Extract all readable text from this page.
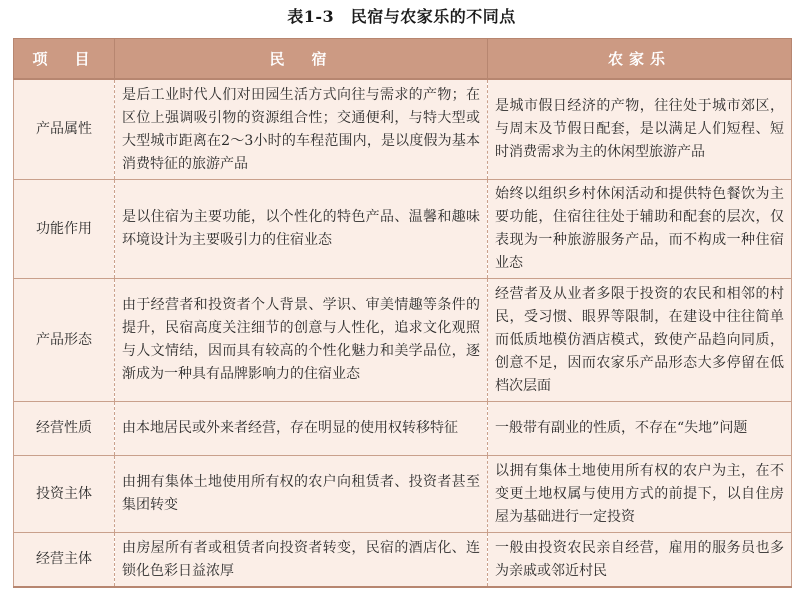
表1-3　民宿与农家乐的不同点
项　目	民　宿	农家乐
产品属性	是后工业时代人们对田园生活方式向往与需求的产物；在区位上强调吸引物的资源组合性；交通便利，与特大型或大型城市距离在2～3小时的车程范围内，是以度假为基本消费特征的旅游产品	是城市假日经济的产物，往往处于城市郊区，与周末及节假日配套，是以满足人们短程、短时消费需求为主的休闲型旅游产品
功能作用	是以住宿为主要功能，以个性化的特色产品、温馨和趣味环境设计为主要吸引力的住宿业态	始终以组织乡村休闲活动和提供特色餐饮为主要功能，住宿往往处于辅助和配套的层次，仅表现为一种旅游服务产品，而不构成一种住宿业态
产品形态	由于经营者和投资者个人背景、学识、审美情趣等条件的提升，民宿高度关注细节的创意与人性化，追求文化观照与人文情结，因而具有较高的个性化魅力和美学品位，逐渐成为一种具有品牌影响力的住宿业态	经营者及从业者多限于投资的农民和相邻的村民，受习惯、眼界等限制，在建设中往往简单而低质地模仿酒店模式，致使产品趋向同质，创意不足，因而农家乐产品形态大多停留在低档次层面
经营性质	由本地居民或外来者经营，存在明显的使用权转移特征	一般带有副业的性质，不存在“失地”问题
投资主体	由拥有集体土地使用所有权的农户向租赁者、投资者甚至集团转变	以拥有集体土地使用所有权的农户为主，在不变更土地权属与使用方式的前提下，以自住房屋为基础进行一定投资
经营主体	由房屋所有者或租赁者向投资者转变，民宿的酒店化、连锁化色彩日益浓厚	一般由投资农民亲自经营，雇用的服务员也多为亲戚或邻近村民
